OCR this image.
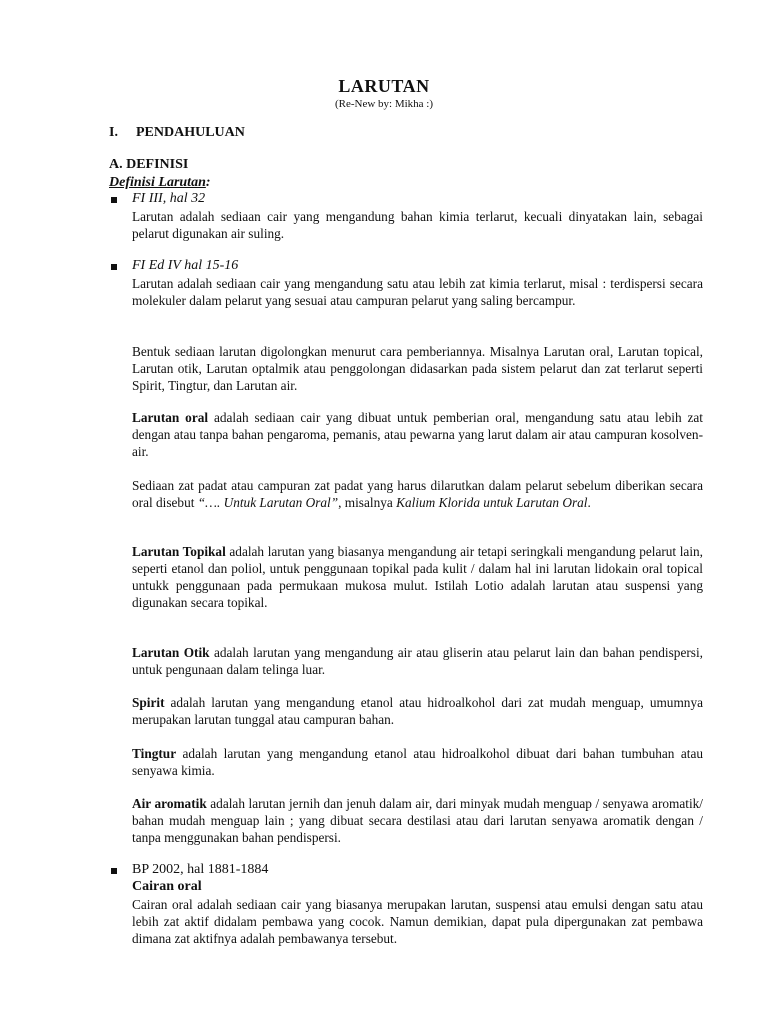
LARUTAN
(Re-New by: Mikha :)
I. PENDAHULUAN
A. DEFINISI
Definisi Larutan:
FI III, hal 32

Larutan adalah sediaan cair yang mengandung bahan kimia terlarut, kecuali dinyatakan lain, sebagai pelarut digunakan air suling.

FI Ed IV hal 15-16

Larutan adalah sediaan cair yang mengandung satu atau lebih zat kimia terlarut, misal : terdispersi secara molekuler dalam pelarut yang sesuai atau campuran pelarut yang saling bercampur.

Bentuk sediaan larutan digolongkan menurut cara pemberiannya. Misalnya Larutan oral, Larutan topical, Larutan otik, Larutan optalmik atau penggolongan didasarkan pada sistem pelarut dan zat terlarut seperti Spirit, Tingtur, dan Larutan air.

Larutan oral adalah sediaan cair yang dibuat untuk pemberian oral, mengandung satu atau lebih zat dengan atau tanpa bahan pengaroma, pemanis, atau pewarna yang larut dalam air atau campuran kosolven-air.

Sediaan zat padat atau campuran zat padat yang harus dilarutkan dalam pelarut sebelum diberikan secara oral disebut “…. Untuk Larutan Oral”, misalnya Kalium Klorida untuk Larutan Oral.

Larutan Topikal adalah larutan yang biasanya mengandung air tetapi seringkali mengandung pelarut lain, seperti etanol dan poliol, untuk penggunaan topikal pada kulit / dalam hal ini larutan lidokain oral topical untukk penggunaan pada permukaan mukosa mulut. Istilah Lotio adalah larutan atau suspensi yang digunakan secara topikal.

Larutan Otik adalah larutan yang mengandung air atau gliserin atau pelarut lain dan bahan pendispersi, untuk pengunaan dalam telinga luar.

Spirit adalah larutan yang mengandung etanol atau hidroalkohol dari zat mudah menguap, umumnya merupakan larutan tunggal atau campuran bahan.

Tingtur adalah larutan yang mengandung etanol atau hidroalkohol dibuat dari bahan tumbuhan atau senyawa kimia.

Air aromatik adalah larutan jernih dan jenuh dalam air, dari minyak mudah menguap / senyawa aromatik/ bahan mudah menguap lain ; yang dibuat secara destilasi atau dari larutan senyawa aromatik dengan / tanpa menggunakan bahan pendispersi.

BP 2002, hal 1881-1884
Cairan oral

Cairan oral adalah sediaan cair yang biasanya merupakan larutan, suspensi atau emulsi dengan satu atau lebih zat aktif didalam pembawa yang cocok. Namun demikian, dapat pula dipergunakan zat pembawa dimana zat aktifnya adalah pembawanya tersebut.
